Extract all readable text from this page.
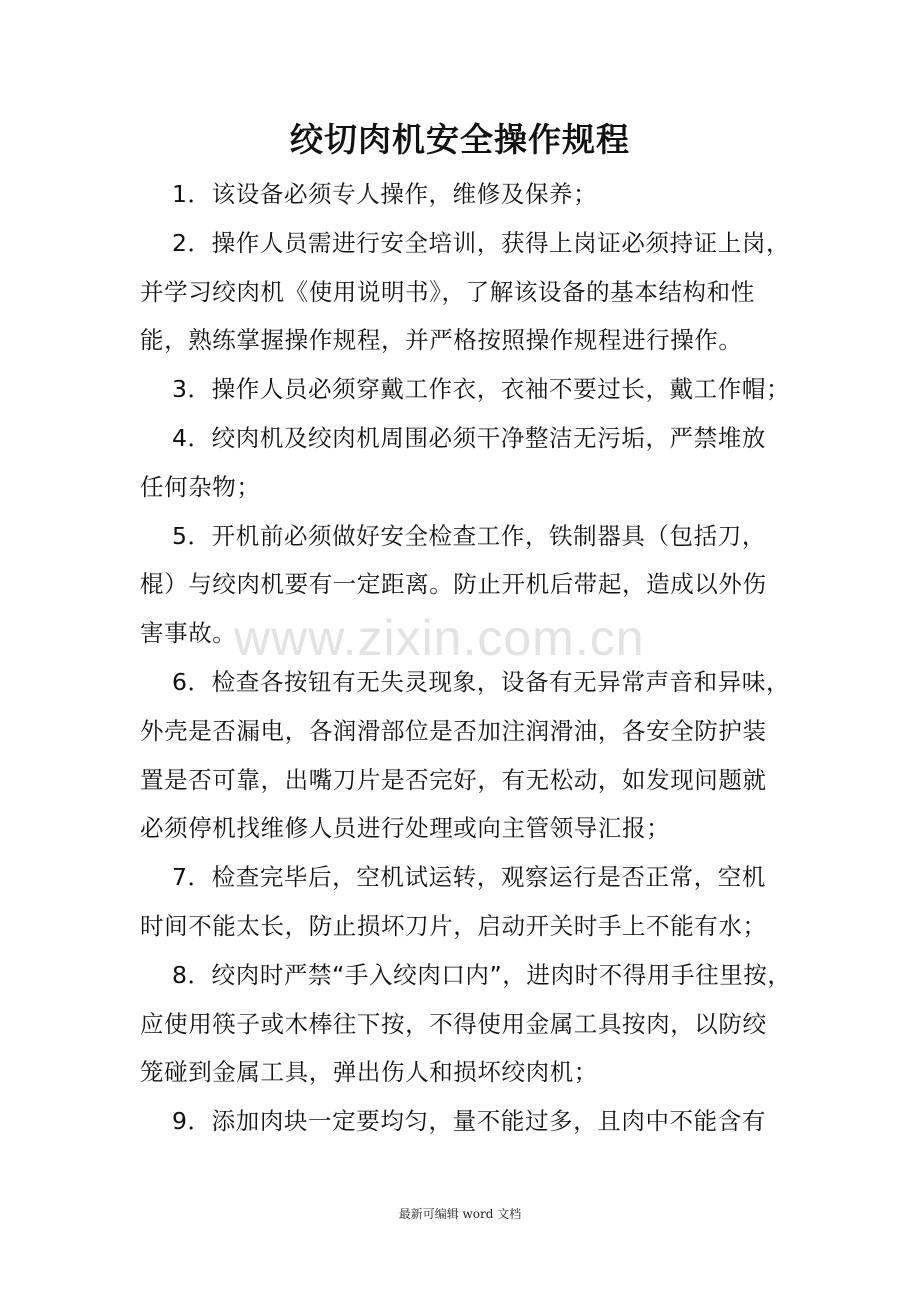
绞切肉机安全操作规程
1．该设备必须专人操作，维修及保养；
2．操作人员需进行安全培训，获得上岗证必须持证上岗，
并学习绞肉机《使用说明书》，了解该设备的基本结构和性
能，熟练掌握操作规程，并严格按照操作规程进行操作。
3．操作人员必须穿戴工作衣，衣袖不要过长，戴工作帽；
4．绞肉机及绞肉机周围必须干净整洁无污垢，严禁堆放
任何杂物；
5．开机前必须做好安全检查工作，铁制器具（包括刀，
棍）与绞肉机要有一定距离。防止开机后带起，造成以外伤
害事故。
6．检查各按钮有无失灵现象，设备有无异常声音和异味，
外壳是否漏电，各润滑部位是否加注润滑油，各安全防护装
置是否可靠，出嘴刀片是否完好，有无松动，如发现问题就
必须停机找维修人员进行处理或向主管领导汇报；
7．检查完毕后，空机试运转，观察运行是否正常，空机
时间不能太长，防止损坏刀片，启动开关时手上不能有水；
8．绞肉时严禁“手入绞肉口内”，进肉时不得用手往里按，
应使用筷子或木棒往下按，不得使用金属工具按肉，以防绞
笼碰到金属工具，弹出伤人和损坏绞肉机；
9．添加肉块一定要均匀，量不能过多，且肉中不能含有
www.zixin.com.cn
最新可编辑 word 文档
